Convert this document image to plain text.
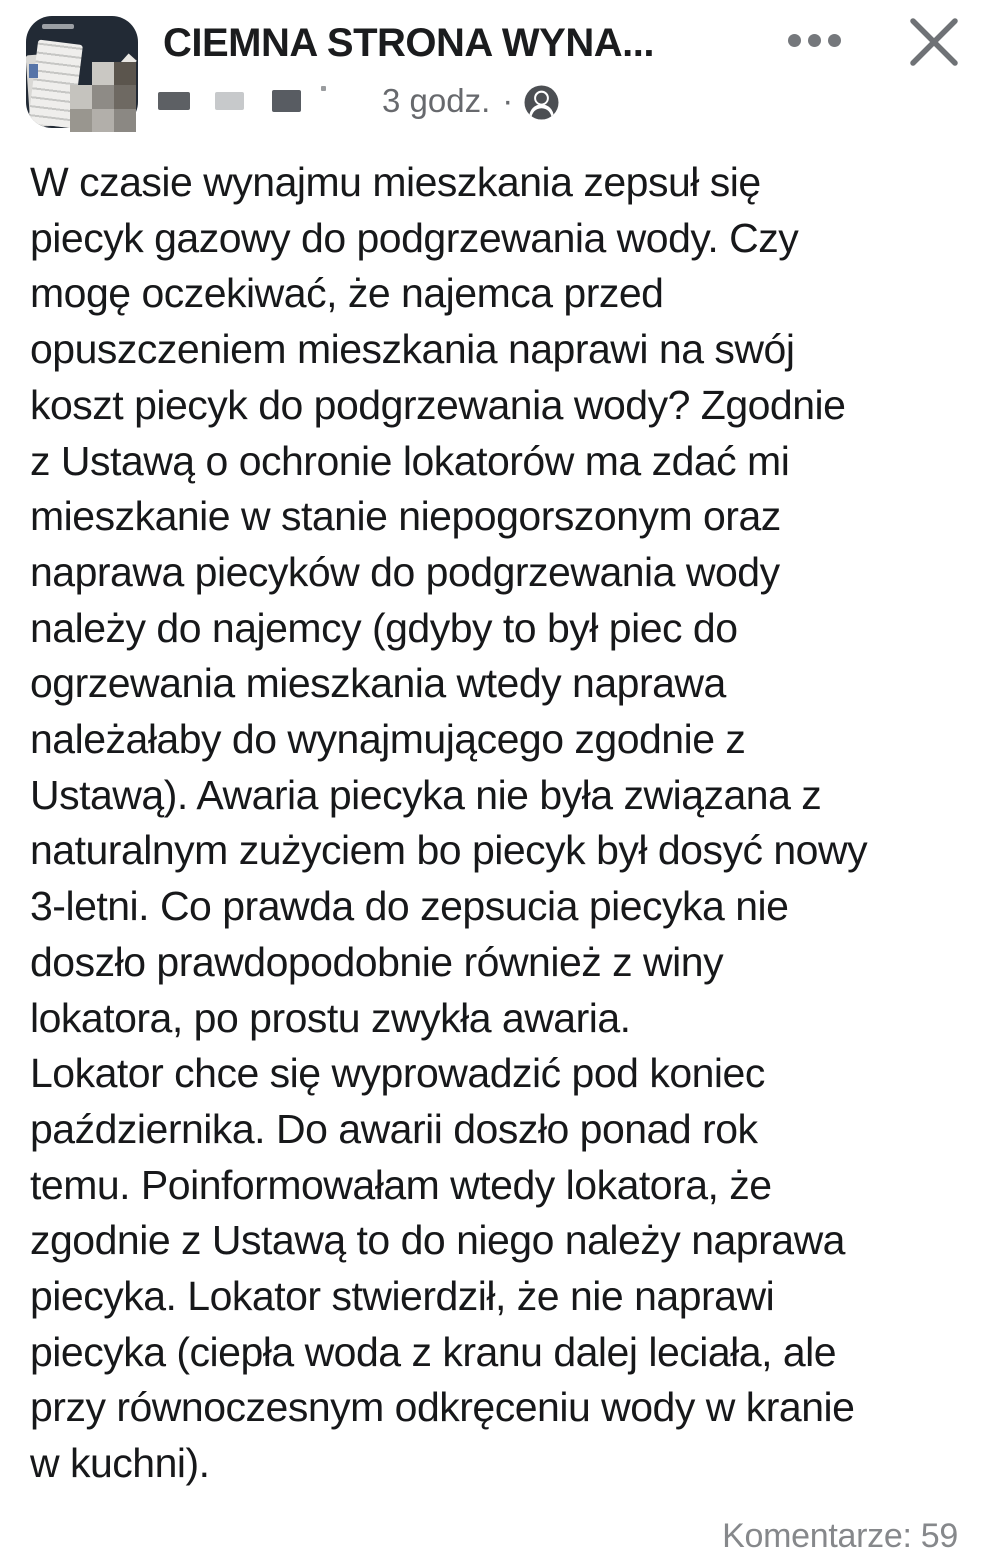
CIEMNA STRONA WYNA...
3 godz. ·
W czasie wynajmu mieszkania zepsuł się
piecyk gazowy do podgrzewania wody. Czy
mogę oczekiwać, że najemca przed
opuszczeniem mieszkania naprawi na swój
koszt piecyk do podgrzewania wody? Zgodnie
z Ustawą o ochronie lokatorów ma zdać mi
mieszkanie w stanie niepogorszonym oraz
naprawa piecyków do podgrzewania wody
należy do najemcy (gdyby to był piec do
ogrzewania mieszkania wtedy naprawa
należałaby do wynajmującego zgodnie z
Ustawą). Awaria piecyka nie była związana z
naturalnym zużyciem bo piecyk był dosyć nowy
3-letni. Co prawda do zepsucia piecyka nie
doszło prawdopodobnie również z winy
lokatora, po prostu zwykła awaria.
Lokator chce się wyprowadzić pod koniec
października. Do awarii doszło ponad rok
temu. Poinformowałam wtedy lokatora, że
zgodnie z Ustawą to do niego należy naprawa
piecyka. Lokator stwierdził, że nie naprawi
piecyka (ciepła woda z kranu dalej leciała, ale
przy równoczesnym odkręceniu wody w kranie
w kuchni).
Komentarze: 59
